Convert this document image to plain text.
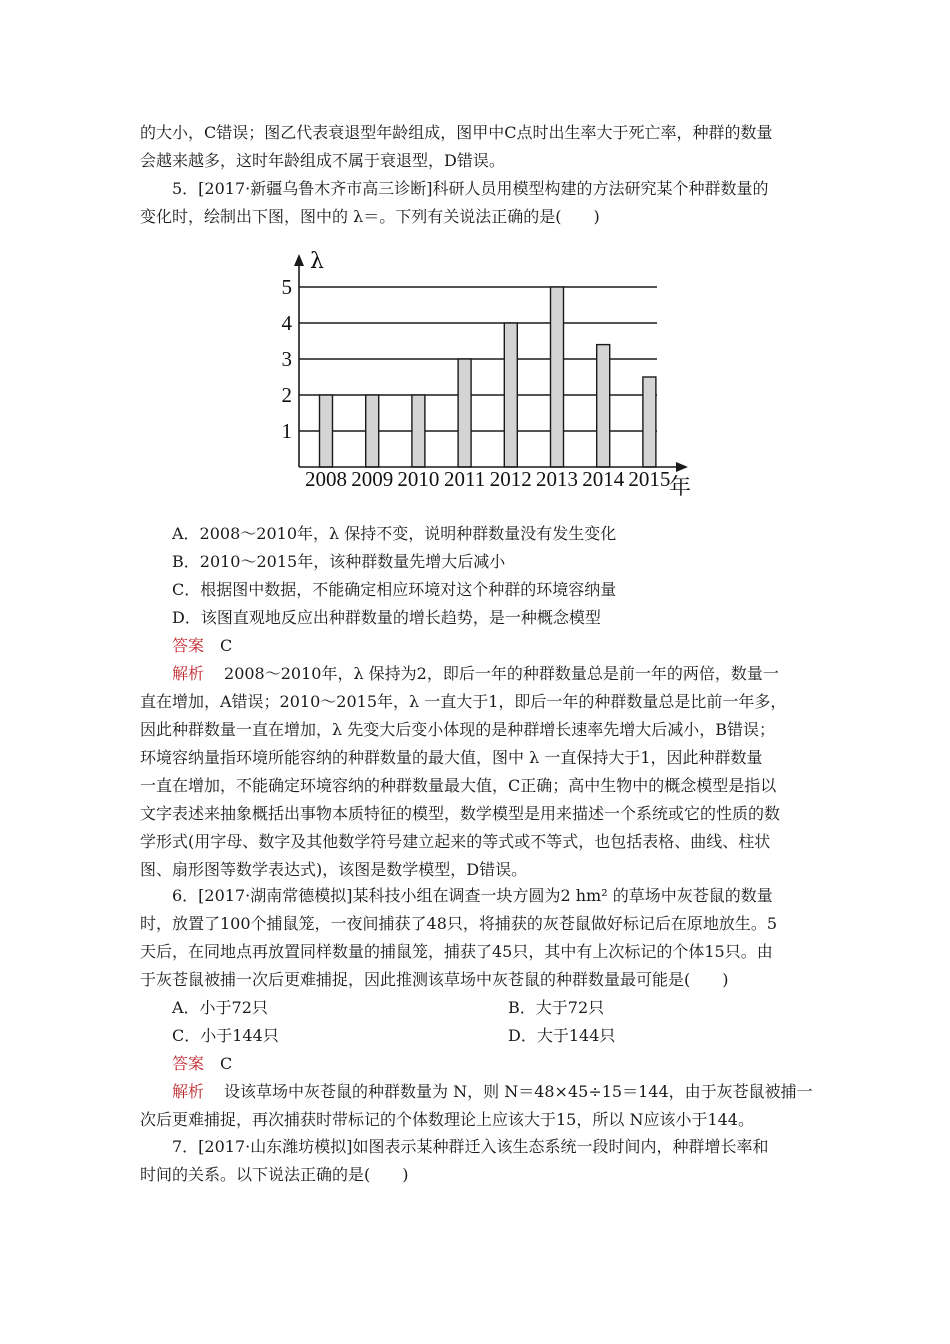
的大小，C错误；图乙代表衰退型年龄组成，图甲中C点时出生率大于死亡率，种群的数量
会越来越多，这时年龄组成不属于衰退型，D错误。
5．[2017·新疆乌鲁木齐市高三诊断]科研人员用模型构建的方法研究某个种群数量的
变化时，绘制出下图，图中的 λ＝。下列有关说法正确的是(　　)
1
2
3
4
5
2008 2009 2010 2011 2012 2013 2014 2015
λ
年
A．2008～2010年，λ 保持不变，说明种群数量没有发生变化
B．2010～2015年，该种群数量先增大后减小
C．根据图中数据，不能确定相应环境对这个种群的环境容纳量
D．该图直观地反应出种群数量的增长趋势，是一种概念模型
答案 C
解析 2008～2010年，λ 保持为2，即后一年的种群数量总是前一年的两倍，数量一
直在增加，A错误；2010～2015年，λ 一直大于1，即后一年的种群数量总是比前一年多，
因此种群数量一直在增加，λ 先变大后变小体现的是种群增长速率先增大后减小，B错误；
环境容纳量指环境所能容纳的种群数量的最大值，图中 λ 一直保持大于1，因此种群数量
一直在增加，不能确定环境容纳的种群数量最大值，C正确；高中生物中的概念模型是指以
文字表述来抽象概括出事物本质特征的模型，数学模型是用来描述一个系统或它的性质的数
学形式(用字母、数字及其他数学符号建立起来的等式或不等式，也包括表格、曲线、柱状
图、扇形图等数学表达式)，该图是数学模型，D错误。
6．[2017·湖南常德模拟]某科技小组在调查一块方圆为2 hm² 的草场中灰苍鼠的数量
时，放置了100个捕鼠笼，一夜间捕获了48只，将捕获的灰苍鼠做好标记后在原地放生。5
天后，在同地点再放置同样数量的捕鼠笼，捕获了45只，其中有上次标记的个体15只。由
于灰苍鼠被捕一次后更难捕捉，因此推测该草场中灰苍鼠的种群数量最可能是(　　)
A．小于72只	B．大于72只
C．小于144只	D．大于144只
答案 C
解析 设该草场中灰苍鼠的种群数量为 N，则 N＝48×45÷15＝144，由于灰苍鼠被捕一
次后更难捕捉，再次捕获时带标记的个体数理论上应该大于15，所以 N应该小于144。
7．[2017·山东潍坊模拟]如图表示某种群迁入该生态系统一段时间内，种群增长率和
时间的关系。以下说法正确的是(　　)
